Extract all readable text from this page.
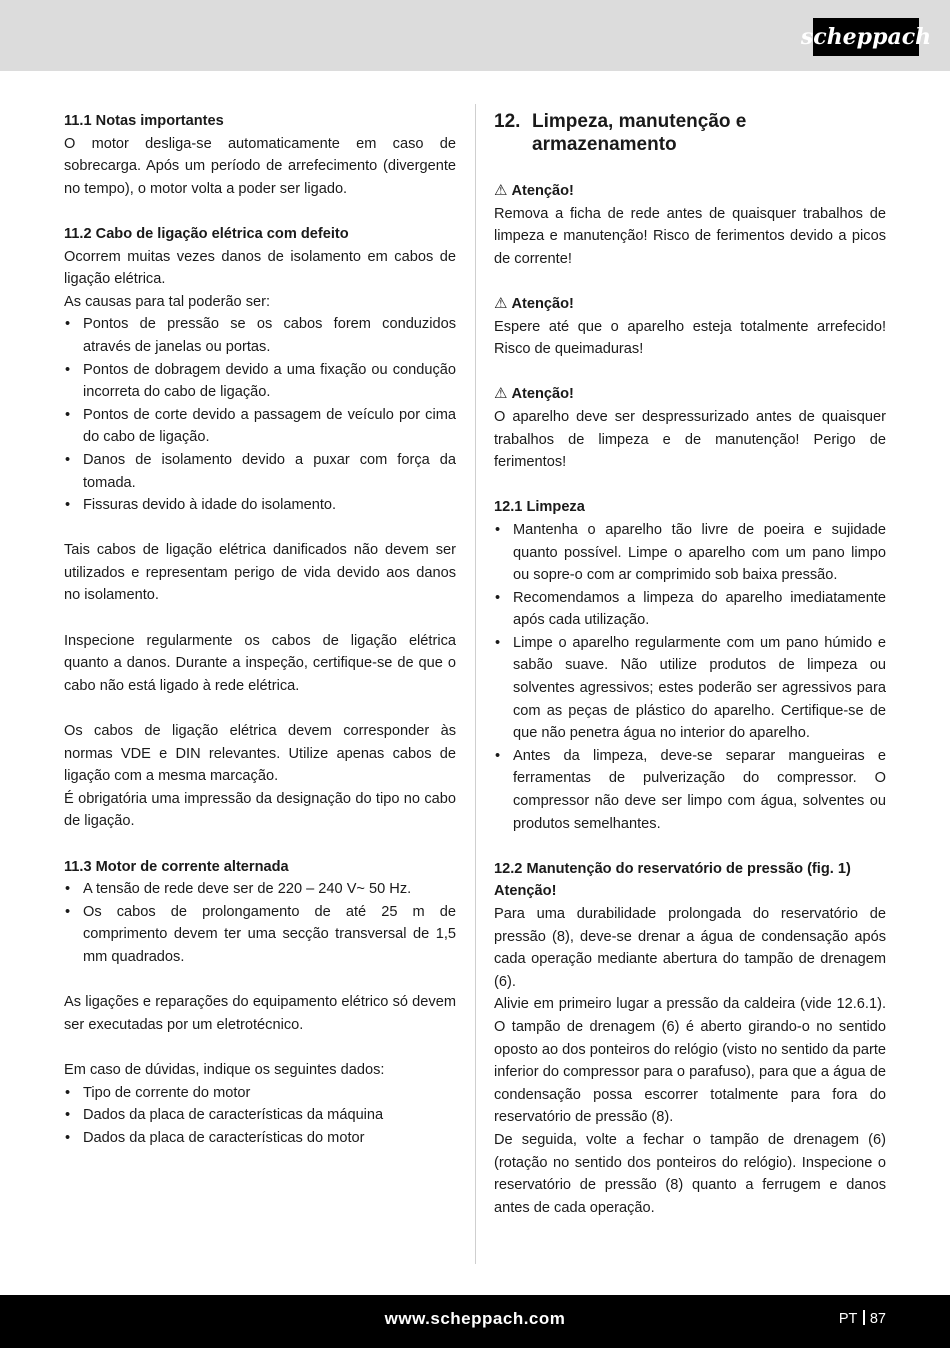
scheppach
11.1 Notas importantes

O motor desliga-se automaticamente em caso de sobrecarga. Após um período de arrefecimento (divergente no tempo), o motor volta a poder ser ligado.

11.2 Cabo de ligação elétrica com defeito

Ocorrem muitas vezes danos de isolamento em cabos de ligação elétrica.

As causas para tal poderão ser:

• Pontos de pressão se os cabos forem conduzidos através de janelas ou portas.
• Pontos de dobragem devido a uma fixação ou condução incorreta do cabo de ligação.
• Pontos de corte devido a passagem de veículo por cima do cabo de ligação.
• Danos de isolamento devido a puxar com força da tomada.
• Fissuras devido à idade do isolamento.

Tais cabos de ligação elétrica danificados não devem ser utilizados e representam perigo de vida devido aos danos no isolamento.

Inspecione regularmente os cabos de ligação elétrica quanto a danos. Durante a inspeção, certifique-se de que o cabo não está ligado à rede elétrica.

Os cabos de ligação elétrica devem corresponder às normas VDE e DIN relevantes. Utilize apenas cabos de ligação com a mesma marcação.

É obrigatória uma impressão da designação do tipo no cabo de ligação.

11.3 Motor de corrente alternada
• A tensão de rede deve ser de 220 – 240 V~ 50 Hz.
• Os cabos de prolongamento de até 25 m de comprimento devem ter uma secção transversal de 1,5 mm quadrados.

As ligações e reparações do equipamento elétrico só devem ser executadas por um eletrotécnico.

Em caso de dúvidas, indique os seguintes dados:

• Tipo de corrente do motor
• Dados da placa de características da máquina
• Dados da placa de características do motor
12. Limpeza, manutenção e armazenamento
⚠ Atenção!

Remova a ficha de rede antes de quaisquer trabalhos de limpeza e manutenção! Risco de ferimentos devido a picos de corrente!

⚠ Atenção!

Espere até que o aparelho esteja totalmente arrefecido! Risco de queimaduras!

⚠ Atenção!

O aparelho deve ser despressurizado antes de quaisquer trabalhos de limpeza e de manutenção! Perigo de ferimentos!

12.1 Limpeza
• Mantenha o aparelho tão livre de poeira e sujidade quanto possível. Limpe o aparelho com um pano limpo ou sopre-o com ar comprimido sob baixa pressão.
• Recomendamos a limpeza do aparelho imediatamente após cada utilização.
• Limpe o aparelho regularmente com um pano húmido e sabão suave. Não utilize produtos de limpeza ou solventes agressivos; estes poderão ser agressivos para com as peças de plástico do aparelho. Certifique-se de que não penetra água no interior do aparelho.
• Antes da limpeza, deve-se separar mangueiras e ferramentas de pulverização do compressor. O compressor não deve ser limpo com água, solventes ou produtos semelhantes.
12.2 Manutenção do reservatório de pressão (fig. 1)
Atenção!

Para uma durabilidade prolongada do reservatório de pressão (8), deve-se drenar a água de condensação após cada operação mediante abertura do tampão de drenagem (6).

Alivie em primeiro lugar a pressão da caldeira (vide 12.6.1). O tampão de drenagem (6) é aberto girando-o no sentido oposto ao dos ponteiros do relógio (visto no sentido da parte inferior do compressor para o parafuso), para que a água de condensação possa escorrer totalmente para fora do reservatório de pressão (8).

De seguida, volte a fechar o tampão de drenagem (6) (rotação no sentido dos ponteiros do relógio). Inspecione o reservatório de pressão (8) quanto a ferrugem e danos antes de cada operação.

www.scheppach.com	PT 87
